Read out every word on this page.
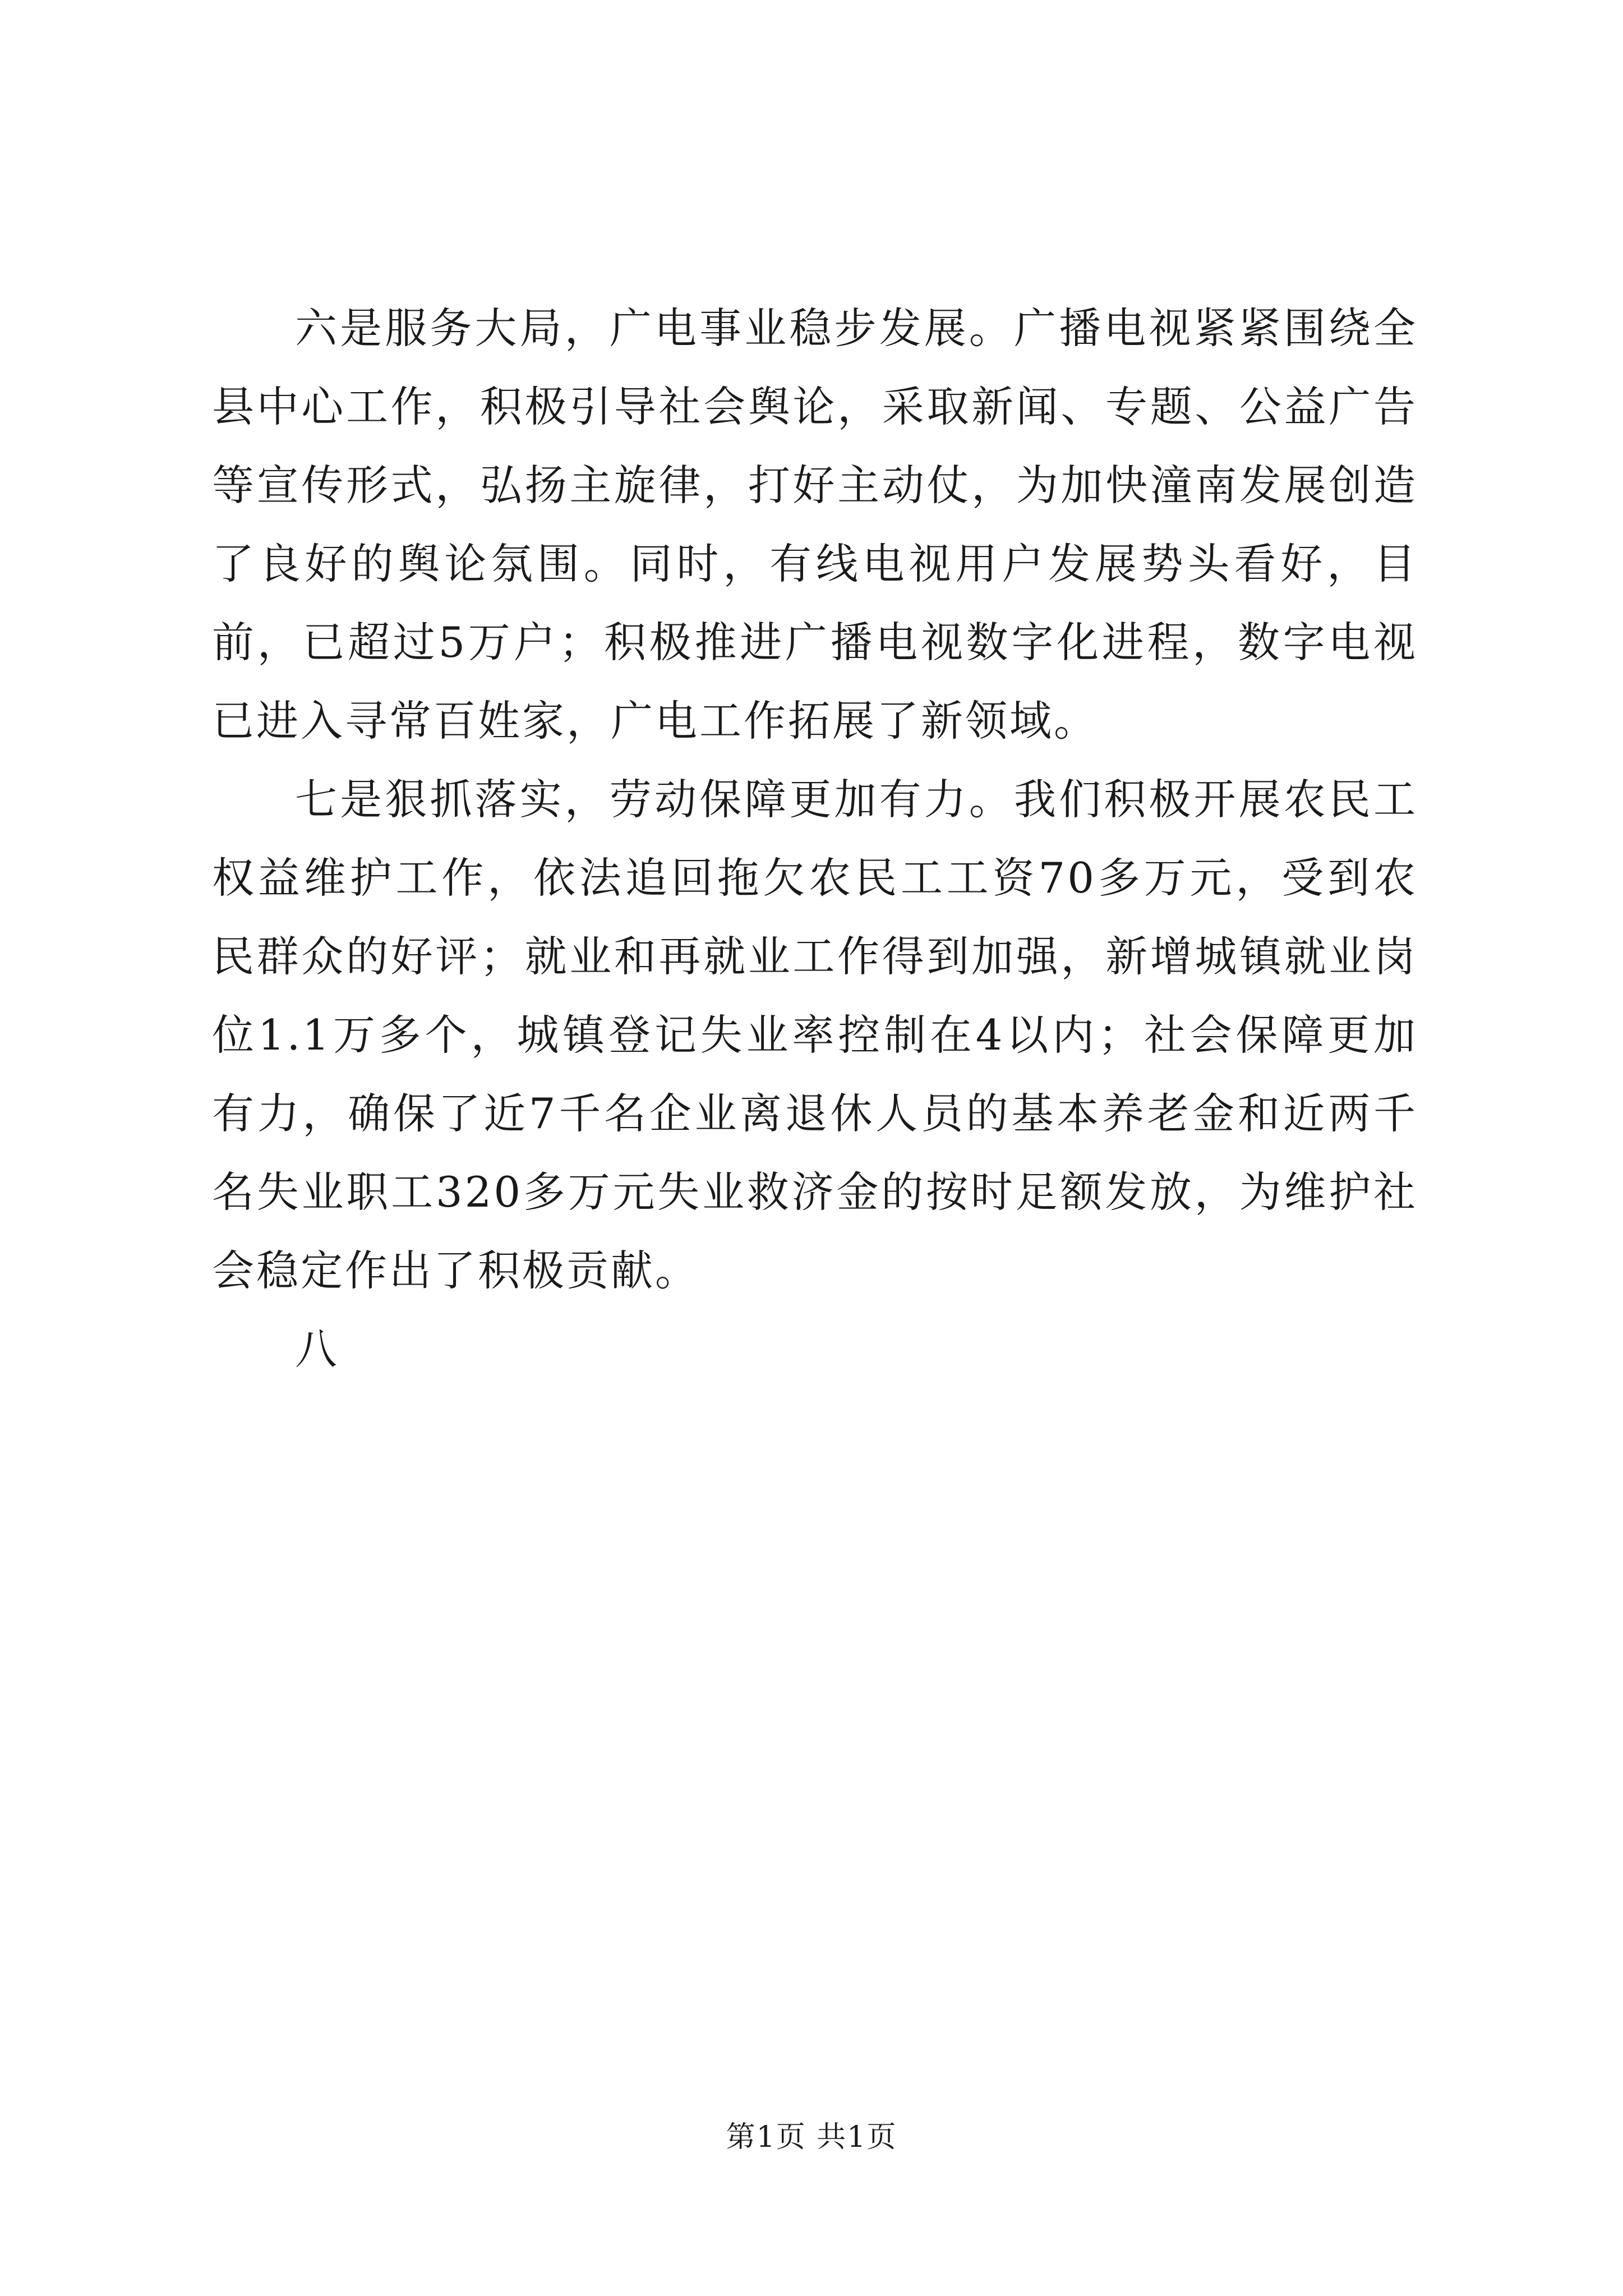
六是服务大局，广电事业稳步发展。广播电视紧紧围绕全县中心工作，积极引导社会舆论，采取新闻、专题、公益广告等宣传形式，弘扬主旋律，打好主动仗，为加快潼南发展创造了良好的舆论氛围。同时，有线电视用户发展势头看好，目前，已超过5万户；积极推进广播电视数字化进程，数字电视已进入寻常百姓家，广电工作拓展了新领域。

七是狠抓落实，劳动保障更加有力。我们积极开展农民工权益维护工作，依法追回拖欠农民工工资70多万元，受到农民群众的好评；就业和再就业工作得到加强，新增城镇就业岗位1.1万多个，城镇登记失业率控制在4以内；社会保障更加有力，确保了近7千名企业离退休人员的基本养老金和近两千名失业职工320多万元失业救济金的按时足额发放，为维护社会稳定作出了积极贡献。

八

第1页 共1页
